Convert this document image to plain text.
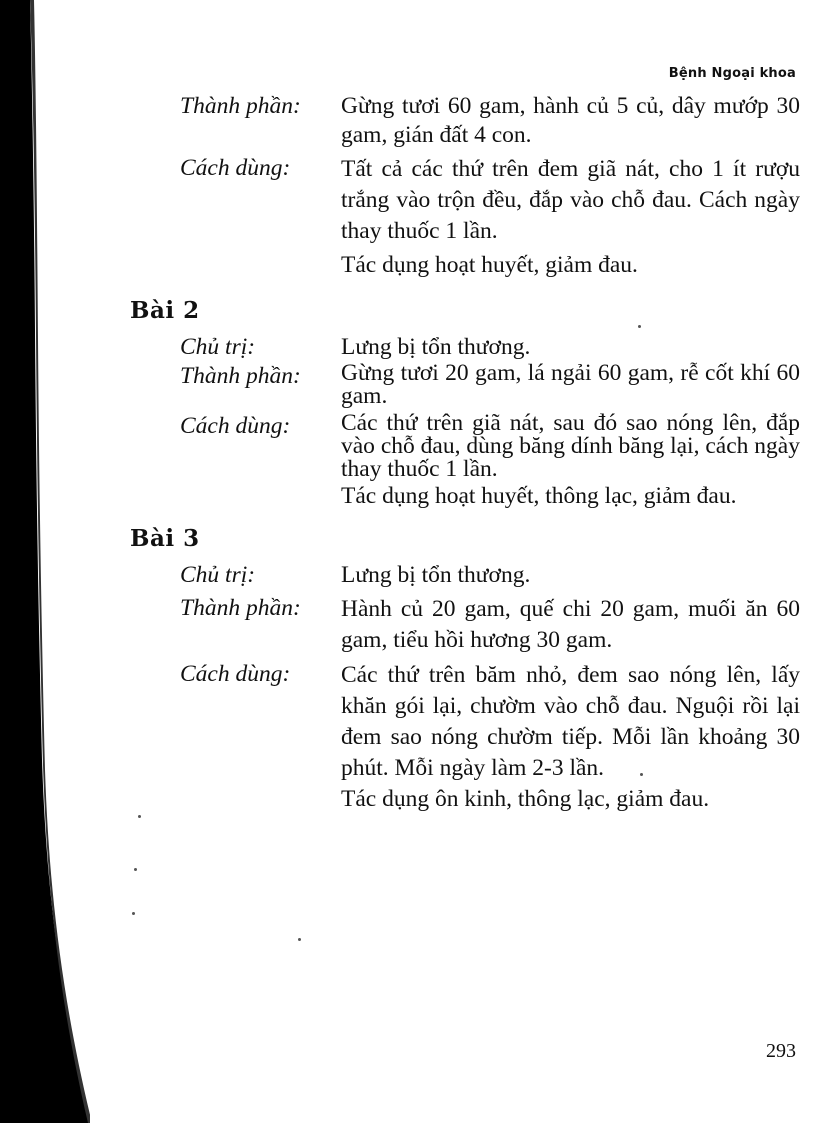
Bệnh Ngoại khoa
Thành phần:	Gừng tươi 60 gam, hành củ 5 củ, dây mướp 30 gam, gián đất 4 con.
Cách dùng:	Tất cả các thứ trên đem giã nát, cho 1 ít rượu trắng vào trộn đều, đắp vào chỗ đau. Cách ngày thay thuốc 1 lần.
Tác dụng hoạt huyết, giảm đau.
Bài 2
Chủ trị:	Lưng bị tổn thương.
Thành phần:	Gừng tươi 20 gam, lá ngải 60 gam, rễ cốt khí 60 gam.
Cách dùng:	Các thứ trên giã nát, sau đó sao nóng lên, đắp vào chỗ đau, dùng băng dính băng lại, cách ngày thay thuốc 1 lần.
Tác dụng hoạt huyết, thông lạc, giảm đau.
Bài 3
Chủ trị:	Lưng bị tổn thương.
Thành phần:	Hành củ 20 gam, quế chi 20 gam, muối ăn 60 gam, tiểu hồi hương 30 gam.
Cách dùng:	Các thứ trên băm nhỏ, đem sao nóng lên, lấy khăn gói lại, chườm vào chỗ đau. Nguội rồi lại đem sao nóng chườm tiếp. Mỗi lần khoảng 30 phút. Mỗi ngày làm 2-3 lần.
Tác dụng ôn kinh, thông lạc, giảm đau.
293
